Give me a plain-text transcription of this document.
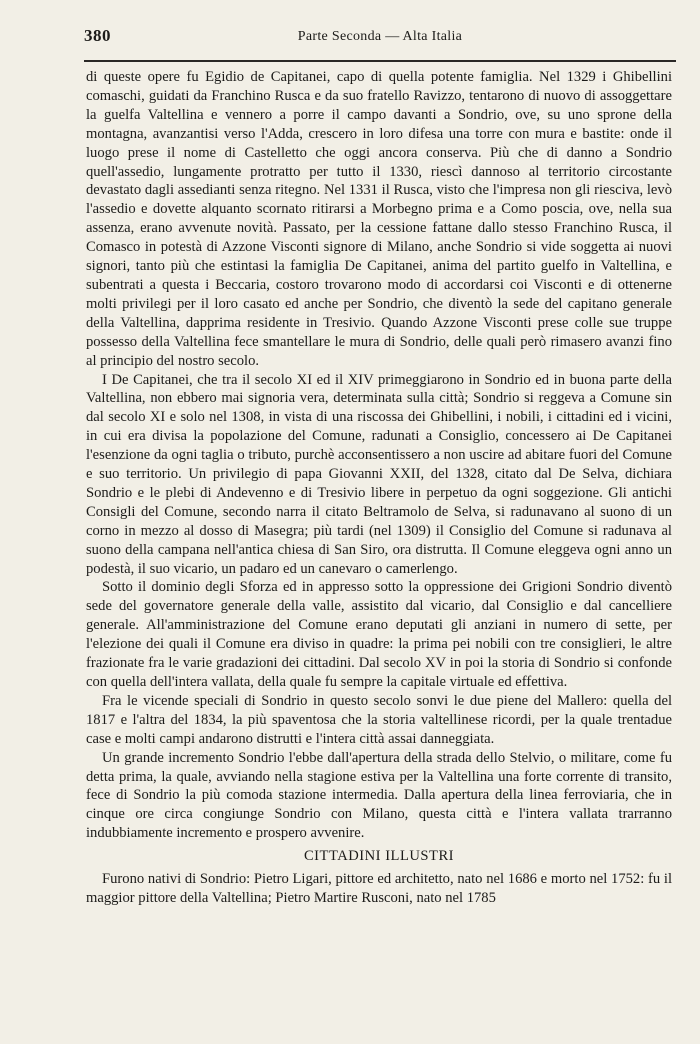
380	Parte Seconda — Alta Italia

di queste opere fu Egidio de Capitanei, capo di quella potente famiglia. Nel 1329 i Ghibellini comaschi, guidati da Franchino Rusca e da suo fratello Ravizzo, tentarono di nuovo di assoggettare la guelfa Valtellina e vennero a porre il campo davanti a Sondrio, ove, su uno sprone della montagna, avanzantisi verso l'Adda, crescero in loro difesa una torre con mura e bastite: onde il luogo prese il nome di Castelletto che oggi ancora conserva. Più che di danno a Sondrio quell'assedio, lungamente protratto per tutto il 1330, riescì dannoso al territorio circostante devastato dagli assedianti senza ritegno. Nel 1331 il Rusca, visto che l'impresa non gli riesciva, levò l'assedio e dovette alquanto scornato ritirarsi a Morbegno prima e a Como poscia, ove, nella sua assenza, erano avvenute novità. Passato, per la cessione fattane dallo stesso Franchino Rusca, il Comasco in potestà di Azzone Visconti signore di Milano, anche Sondrio si vide soggetta ai nuovi signori, tanto più che estintasi la famiglia De Capitanei, anima del partito guelfo in Valtellina, e subentrati a questa i Beccaria, costoro trovarono modo di accordarsi coi Visconti e di ottenerne molti privilegi per il loro casato ed anche per Sondrio, che diventò la sede del capitano generale della Valtellina, dapprima residente in Tresivio. Quando Azzone Visconti prese colle sue truppe possesso della Valtellina fece smantellare le mura di Sondrio, delle quali però rimasero avanzi fino al principio del nostro secolo.

I De Capitanei, che tra il secolo XI ed il XIV primeggiarono in Sondrio ed in buona parte della Valtellina, non ebbero mai signoria vera, determinata sulla città; Sondrio si reggeva a Comune sin dal secolo XI e solo nel 1308, in vista di una riscossa dei Ghibellini, i nobili, i cittadini ed i vicini, in cui era divisa la popolazione del Comune, radunati a Consiglio, concessero ai De Capitanei l'esenzione da ogni taglia o tributo, purchè acconsentissero a non uscire ad abitare fuori del Comune e suo territorio. Un privilegio di papa Giovanni XXII, del 1328, citato dal De Selva, dichiara Sondrio e le plebi di Andevenno e di Tresivio libere in perpetuo da ogni soggezione. Gli antichi Consigli del Comune, secondo narra il citato Beltramolo de Selva, si radunavano al suono di un corno in mezzo al dosso di Masegra; più tardi (nel 1309) il Consiglio del Comune si radunava al suono della campana nell'antica chiesa di San Siro, ora distrutta. Il Comune eleggeva ogni anno un podestà, il suo vicario, un padaro ed un canevaro o camerlengo.

Sotto il dominio degli Sforza ed in appresso sotto la oppressione dei Grigioni Sondrio diventò sede del governatore generale della valle, assistito dal vicario, dal Consiglio e dal cancelliere generale. All'amministrazione del Comune erano deputati gli anziani in numero di sette, per l'elezione dei quali il Comune era diviso in quadre: la prima pei nobili con tre consiglieri, le altre frazionate fra le varie gradazioni dei cittadini. Dal secolo XV in poi la storia di Sondrio si confonde con quella dell'intera vallata, della quale fu sempre la capitale virtuale ed effettiva.

Fra le vicende speciali di Sondrio in questo secolo sonvi le due piene del Mallero: quella del 1817 e l'altra del 1834, la più spaventosa che la storia valtellinese ricordi, per la quale trentadue case e molti campi andarono distrutti e l'intera città assai danneggiata.

Un grande incremento Sondrio l'ebbe dall'apertura della strada dello Stelvio, o militare, come fu detta prima, la quale, avviando nella stagione estiva per la Valtellina una forte corrente di transito, fece di Sondrio la più comoda stazione intermedia. Dalla apertura della linea ferroviaria, che in cinque ore circa congiunge Sondrio con Milano, questa città e l'intera vallata trarranno indubbiamente incremento e prospero avvenire.

CITTADINI ILLUSTRI

Furono nativi di Sondrio: Pietro Ligari, pittore ed architetto, nato nel 1686 e morto nel 1752: fu il maggior pittore della Valtellina; Pietro Martire Rusconi, nato nel 1785
